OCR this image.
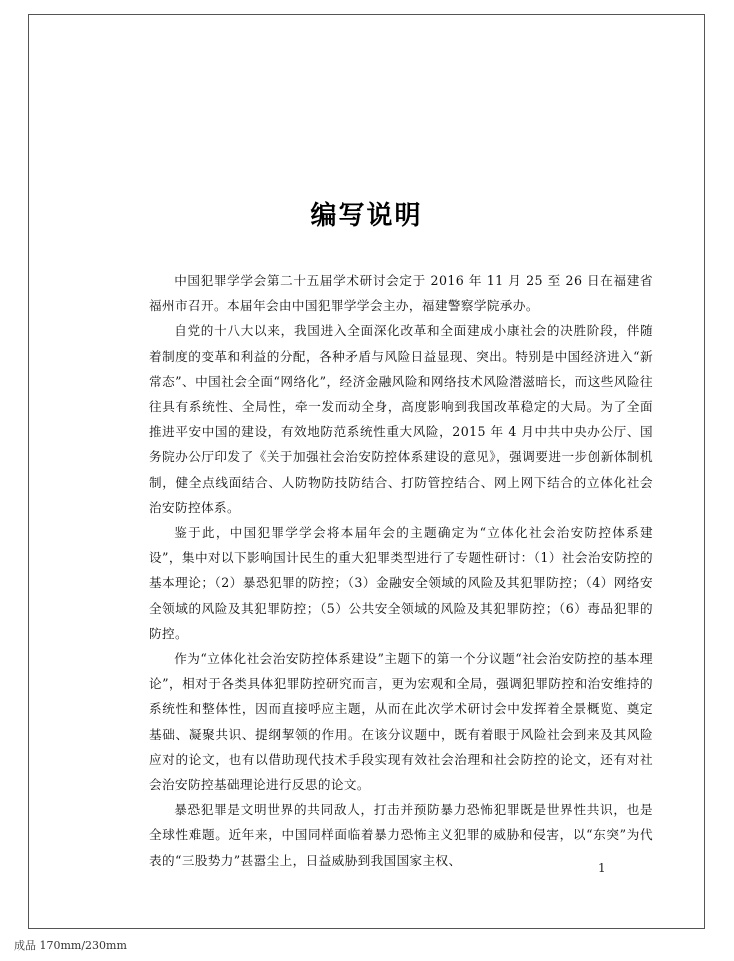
编写说明

中国犯罪学学会第二十五届学术研讨会定于 2016 年 11 月 25 至 26 日在福建省福州市召开。本届年会由中国犯罪学学会主办，福建警察学院承办。

自党的十八大以来，我国进入全面深化改革和全面建成小康社会的决胜阶段，伴随着制度的变革和利益的分配，各种矛盾与风险日益显现、突出。特别是中国经济进入“新常态”、中国社会全面“网络化”，经济金融风险和网络技术风险潜滋暗长，而这些风险往往具有系统性、全局性，牵一发而动全身，高度影响到我国改革稳定的大局。为了全面推进平安中国的建设，有效地防范系统性重大风险，2015 年 4 月中共中央办公厅、国务院办公厅印发了《关于加强社会治安防控体系建设的意见》，强调要进一步创新体制机制，健全点线面结合、人防物防技防结合、打防管控结合、网上网下结合的立体化社会治安防控体系。

鉴于此，中国犯罪学学会将本届年会的主题确定为“立体化社会治安防控体系建设”，集中对以下影响国计民生的重大犯罪类型进行了专题性研讨：（1）社会治安防控的基本理论；（2）暴恐犯罪的防控；（3）金融安全领域的风险及其犯罪防控；（4）网络安全领域的风险及其犯罪防控；（5）公共安全领域的风险及其犯罪防控；（6）毒品犯罪的防控。

作为“立体化社会治安防控体系建设”主题下的第一个分议题“社会治安防控的基本理论”，相对于各类具体犯罪防控研究而言，更为宏观和全局，强调犯罪防控和治安维持的系统性和整体性，因而直接呼应主题，从而在此次学术研讨会中发挥着全景概览、奠定基础、凝聚共识、提纲挈领的作用。在该分议题中，既有着眼于风险社会到来及其风险应对的论文，也有以借助现代技术手段实现有效社会治理和社会防控的论文，还有对社会治安防控基础理论进行反思的论文。

暴恐犯罪是文明世界的共同敌人，打击并预防暴力恐怖犯罪既是世界性共识，也是全球性难题。近年来，中国同样面临着暴力恐怖主义犯罪的威胁和侵害，以“东突”为代表的“三股势力”甚嚣尘上，日益威胁到我国国家主权、

1
成品 170mm/230mm
